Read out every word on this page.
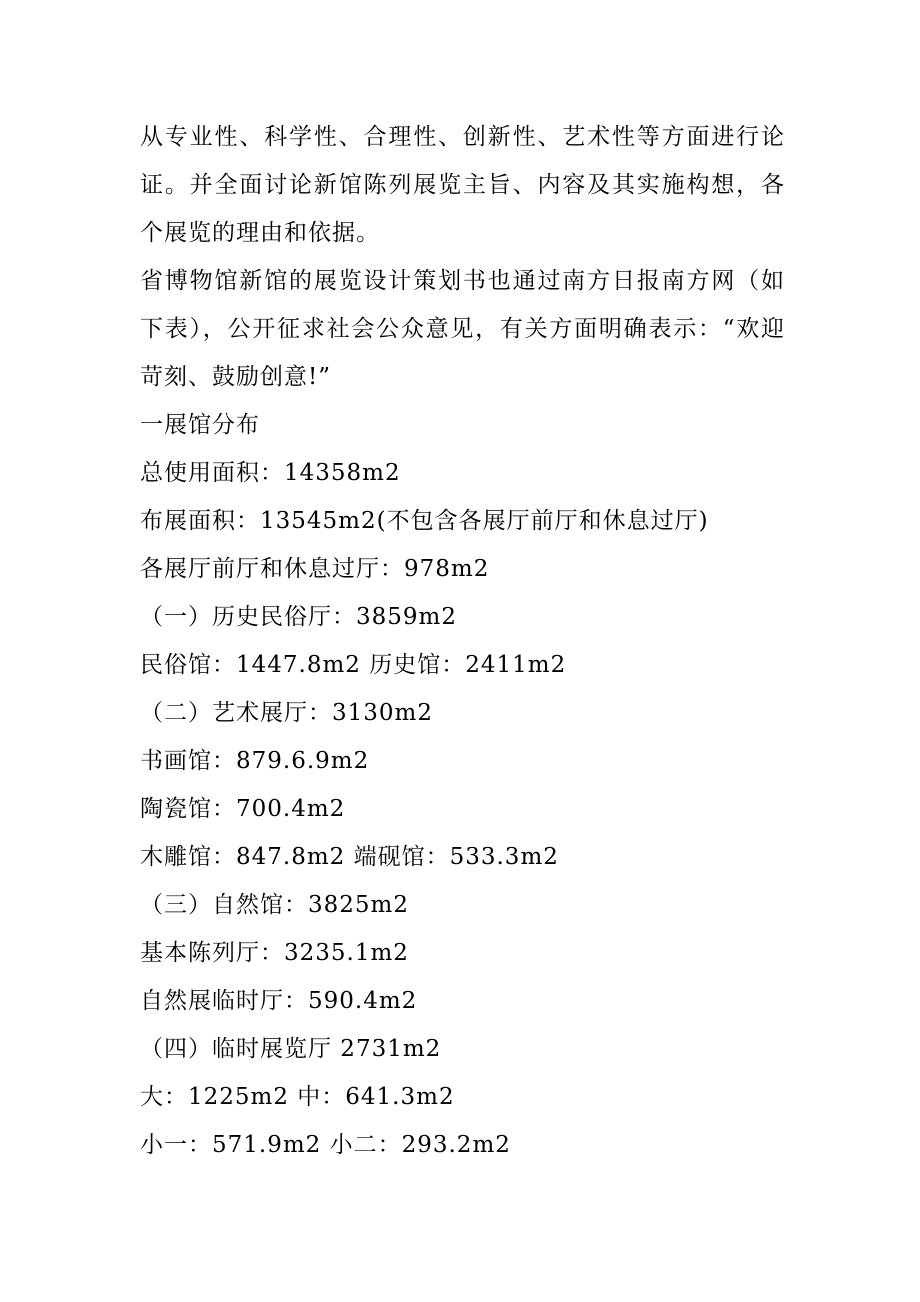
从专业性、科学性、合理性、创新性、艺术性等方面进行论证。并全面讨论新馆陈列展览主旨、内容及其实施构想，各个展览的理由和依据。

省博物馆新馆的展览设计策划书也通过南方日报南方网（如下表），公开征求社会公众意见，有关方面明确表示：“欢迎苛刻、鼓励创意!”

一展馆分布

总使用面积：14358m2

布展面积：13545m2(不包含各展厅前厅和休息过厅)

各展厅前厅和休息过厅：978m2

（一）历史民俗厅：3859m2

民俗馆：1447.8m2 历史馆：2411m2

（二）艺术展厅：3130m2

书画馆：879.6.9m2

陶瓷馆：700.4m2

木雕馆：847.8m2 端砚馆：533.3m2

（三）自然馆：3825m2

基本陈列厅：3235.1m2

自然展临时厅：590.4m2

（四）临时展览厅 2731m2

大：1225m2 中：641.3m2

小一：571.9m2 小二：293.2m2
